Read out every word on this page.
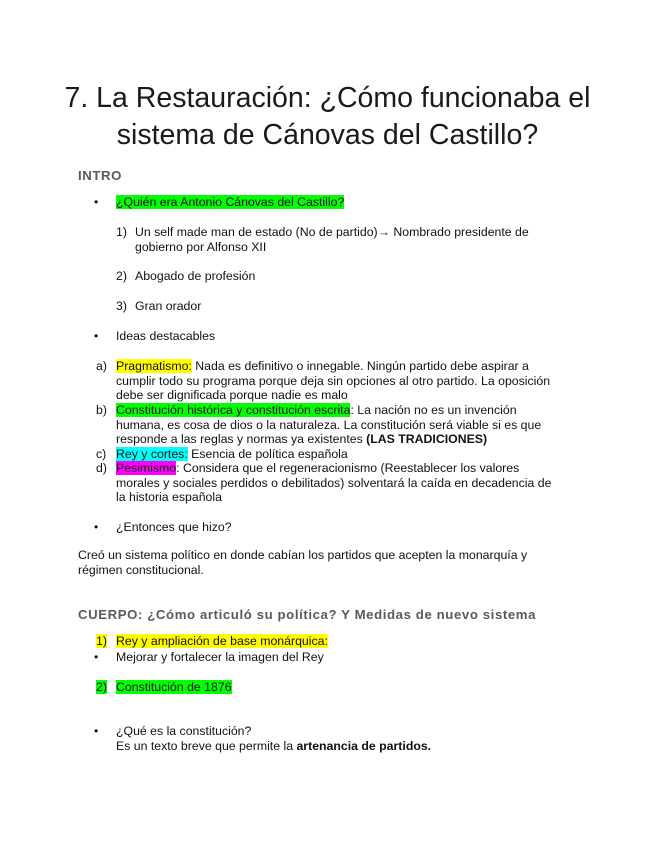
7. La Restauración: ¿Cómo funcionaba el
sistema de Cánovas del Castillo?
INTRO
• ¿Quién era Antonio Cánovas del Castillo?
1) Un self made man de estado (No de partido)→ Nombrado presidente de
gobierno por Alfonso XII
2) Abogado de profesión
3) Gran orador
• Ideas destacables
a) Pragmatismo: Nada es definitivo o innegable. Ningún partido debe aspirar a
cumplir todo su programa porque deja sin opciones al otro partido. La oposición
debe ser dignificada porque nadie es malo
b) Constitución histórica y constitución escrita: La nación no es un invención
humana, es cosa de dios o la naturaleza. La constitución será viable si es que
responde a las reglas y normas ya existentes (LAS TRADICIONES)
c) Rey y cortes: Esencia de política española
d) Pesimismo: Considera que el regeneracionismo (Reestablecer los valores
morales y sociales perdidos o debilitados) solventará la caída en decadencia de
la historia española
• ¿Entonces que hizo?
Creó un sistema político en donde cabían los partidos que acepten la monarquía y
régimen constitucional.
CUERPO: ¿Cómo articuló su política? Y Medidas de nuevo sistema
1) Rey y ampliación de base monárquica:
• Mejorar y fortalecer la imagen del Rey
2) Constitución de 1876
• ¿Qué es la constitución?
Es un texto breve que permite la artenancia de partidos.
